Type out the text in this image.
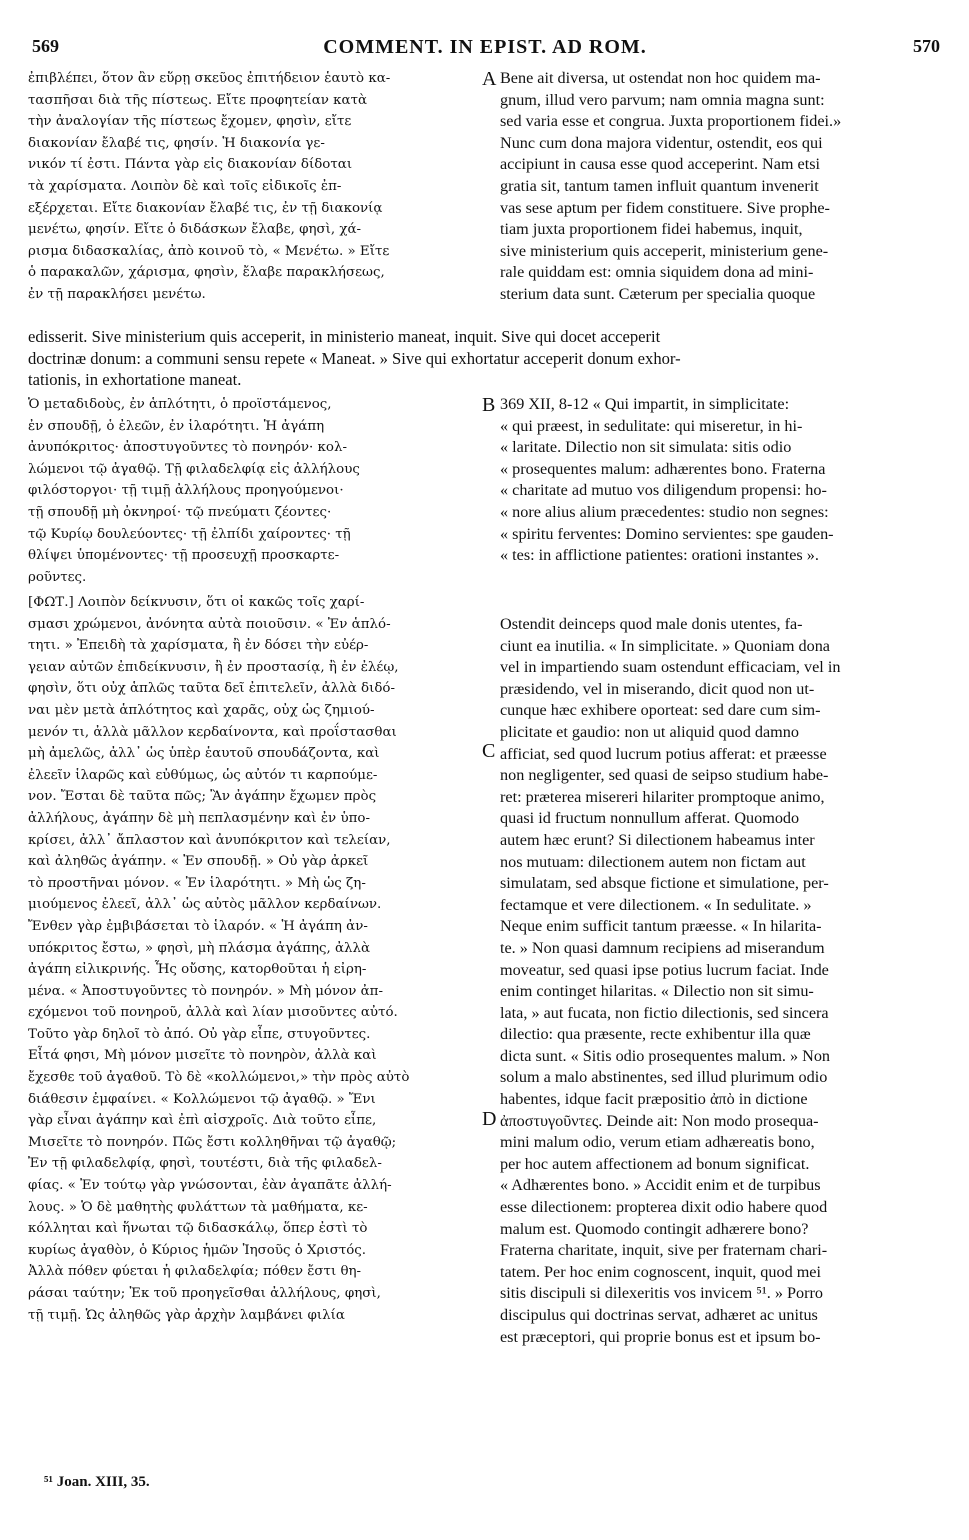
569	COMMENT. IN EPIST. AD ROM.	570
ἐπιβλέπει, ὅτον ἂν εὕρῃ σκεῦος ἐπιτήδειον ἑαυτὸ κα-
τασπῆσαι διὰ τῆς πίστεως. Εἴτε προφητείαν κατὰ
τὴν ἀναλογίαν τῆς πίστεως ἔχομεν, φησὶν, εἴτε
διακονίαν ἔλαβέ τις, φησίν. Ἡ διακονία γε-
νικόν τί ἐστι. Πάντα γὰρ εἰς διακονίαν δίδοται
τὰ χαρίσματα. Λοιπὸν δὲ καὶ τοῖς εἰδικοῖς ἐπ-
εξέρχεται. Εἴτε διακονίαν ἔλαβέ τις, ἐν τῇ διακονίᾳ
μενέτω, φησίν. Εἴτε ὁ διδάσκων ἔλαβε, φησὶ, χά-
ρισμα διδασκαλίας, ἀπὸ κοινοῦ τὸ, « Μενέτω. » Εἴτε
ὁ παρακαλῶν, χάρισμα, φησὶν, ἔλαβε παρακλήσεως,
ἐν τῇ παρακλήσει μενέτω.
Bene ait diversa, ut ostendat non hoc quidem ma-
gnum, illud vero parvum; nam omnia magna sunt:
sed varia esse et congrua. Juxta proportionem fidei.»
Nunc cum dona majora videntur, ostendit, eos qui
accipiunt in causa esse quod acceperint. Nam etsi
gratia sit, tantum tamen influit quantum invenerit
vas sese aptum per fidem constituere. Sive prophe-
tiam juxta proportionem fidei habemus, inquit,
sive ministerium quis acceperit, ministerium gene-
rale quiddam est: omnia siquidem dona ad mini-
sterium data sunt. Cæterum per specialia quoque
edisserit. Sive ministerium quis acceperit, in ministerio maneat, inquit. Sive qui docet acceperit
doctrinæ donum: a communi sensu repete « Maneat. » Sive qui exhortatur acceperit donum exhor-
tationis, in exhortatione maneat.
Ὁ μεταδιδοὺς, ἐν ἁπλότητι, ὁ προϊστάμενος,
ἐν σπουδῇ, ὁ ἐλεῶν, ἐν ἱλαρότητι. Ἡ ἀγάπη
ἀνυπόκριτος· ἀποστυγοῦντες τὸ πονηρόν· κολ-
λώμενοι τῷ ἀγαθῷ. Τῇ φιλαδελφίᾳ εἰς ἀλλήλους
φιλόστοργοι· τῇ τιμῇ ἀλλήλους προηγούμενοι·
τῇ σπουδῇ μὴ ὀκνηροί· τῷ πνεύματι ζέοντες·
τῷ Κυρίῳ δουλεύοντες· τῇ ἐλπίδι χαίροντες· τῇ
θλίψει ὑπομένοντες· τῇ προσευχῇ προσκαρτε-
ροῦντες.
369 XII, 8-12 « Qui impartit, in simplicitate:
« qui præest, in sedulitate: qui miseretur, in hi-
« laritate. Dilectio non sit simulata: sitis odio
« prosequentes malum: adhærentes bono. Fraterna
« charitate ad mutuo vos diligendum propensi: ho-
« nore alius alium præcedentes: studio non segnes:
« spiritu ferventes: Domino servientes: spe gauden-
« tes: in afflictione patientes: orationi instantes ».
[ΦΩΤ.] Λοιπὸν δείκνυσιν, ὅτι οἱ κακῶς τοῖς χαρί-
σμασι χρώμενοι, ἀνόνητα αὐτὰ ποιοῦσιν. « Ἐν ἁπλό-
τητι. » Ἐπειδὴ τὰ χαρίσματα, ἢ ἐν δόσει τὴν εὐέρ-
γειαν αὐτῶν ἐπιδείκνυσιν, ἢ ἐν προστασίᾳ, ἢ ἐν ἐλέῳ,
φησὶν, ὅτι οὐχ ἁπλῶς ταῦτα δεῖ ἐπιτελεῖν, ἀλλὰ διδό-
ναι μὲν μετὰ ἁπλότητος καὶ χαρᾶς, οὐχ ὡς ζημιού-
μενόν τι, ἀλλὰ μᾶλλον κερδαίνοντα, καὶ προΐστασθαι
μὴ ἀμελῶς, ἀλλ᾽ ὡς ὑπὲρ ἑαυτοῦ σπουδάζοντα, καὶ
ἐλεεῖν ἱλαρῶς καὶ εὐθύμως, ὡς αὐτόν τι καρπούμε-
νον. Ἔσται δὲ ταῦτα πῶς; Ἂν ἀγάπην ἔχωμεν πρὸς
ἀλλήλους, ἀγάπην δὲ μὴ πεπλασμένην καὶ ἐν ὑπο-
κρίσει, ἀλλ᾽ ἄπλαστον καὶ ἀνυπόκριτον καὶ τελείαν,
καὶ ἀληθῶς ἀγάπην. « Ἐν σπουδῇ. » Οὐ γὰρ ἀρκεῖ
τὸ προστῆναι μόνον. « Ἐν ἱλαρότητι. » Μὴ ὡς ζη-
μιούμενος ἐλεεῖ, ἀλλ᾽ ὡς αὐτὸς μᾶλλον κερδαίνων.
Ἔνθεν γὰρ ἐμβιβάσεται τὸ ἱλαρόν. « Ἡ ἀγάπη ἀν-
υπόκριτος ἔστω, » φησὶ, μὴ πλάσμα ἀγάπης, ἀλλὰ
ἀγάπη εἰλικρινής. Ἧς οὔσης, κατορθοῦται ἡ εἰρη-
μένα. « Ἀποστυγοῦντες τὸ πονηρόν. » Μὴ μόνον ἀπ-
εχόμενοι τοῦ πονηροῦ, ἀλλὰ καὶ λίαν μισοῦντες αὐτό.
Τοῦτο γὰρ δηλοῖ τὸ ἀπό. Οὐ γὰρ εἶπε, στυγοῦντες.
Εἶτά φησι, Μὴ μόνον μισεῖτε τὸ πονηρὸν, ἀλλὰ καὶ
ἔχεσθε τοῦ ἀγαθοῦ. Τὸ δὲ «κολλώμενοι,» τὴν πρὸς αὐτὸ
διάθεσιν ἐμφαίνει. « Κολλώμενοι τῷ ἀγαθῷ. » Ἔνι
γὰρ εἶναι ἀγάπην καὶ ἐπὶ αἰσχροῖς. Διὰ τοῦτο εἶπε,
Μισεῖτε τὸ πονηρόν. Πῶς ἔστι κολληθῆναι τῷ ἀγαθῷ;
Ἐν τῇ φιλαδελφίᾳ, φησὶ, τουτέστι, διὰ τῆς φιλαδελ-
φίας. « Ἐν τούτῳ γὰρ γνώσονται, ἐὰν ἀγαπᾶτε ἀλλή-
λους. » Ὁ δὲ μαθητὴς φυλάττων τὰ μαθήματα, κε-
κόλληται καὶ ἥνωται τῷ διδασκάλῳ, ὅπερ ἐστὶ τὸ
κυρίως ἀγαθὸν, ὁ Κύριος ἡμῶν Ἰησοῦς ὁ Χριστός.
Ἀλλὰ πόθεν φύεται ἡ φιλαδελφία; πόθεν ἔστι θη-
ράσαι ταύτην; Ἐκ τοῦ προηγεῖσθαι ἀλλήλους, φησὶ,
τῇ τιμῇ. Ὡς ἀληθῶς γὰρ ἀρχὴν λαμβάνει φιλία
Ostendit deinceps quod male donis utentes, fa-
ciunt ea inutilia. « In simplicitate. » Quoniam dona
vel in impartiendo suam ostendunt efficaciam, vel in
præsidendo, vel in miserando, dicit quod non ut-
cunque hæc exhibere oporteat: sed dare cum sim-
plicitate et gaudio: non ut aliquid quod damno
afficiat, sed quod lucrum potius afferat: et præesse
non negligenter, sed quasi de seipso studium habe-
ret: præterea misereri hilariter promptoque animo,
quasi id fructum nonnullum afferat. Quomodo
autem hæc erunt? Si dilectionem habeamus inter
nos mutuam: dilectionem autem non fictam aut
simulatam, sed absque fictione et simulatione, per-
fectamque et vere dilectionem. « In sedulitate. »
Neque enim sufficit tantum præesse. « In hilarita-
te. » Non quasi damnum recipiens ad miserandum
moveatur, sed quasi ipse potius lucrum faciat. Inde
enim continget hilaritas. « Dilectio non sit simu-
lata, » aut fucata, non fictio dilectionis, sed sincera
dilectio: qua præsente, recte exhibentur illa quæ
dicta sunt. « Sitis odio prosequentes malum. » Non
solum a malo abstinentes, sed illud plurimum odio
habentes, idque facit præpositio ἀπὸ in dictione
ἀποστυγοῦντες. Deinde ait: Non modo prosequa-
mini malum odio, verum etiam adhæreatis bono,
per hoc autem affectionem ad bonum significat.
« Adhærentes bono. » Accidit enim et de turpibus
esse dilectionem: propterea dixit odio habere quod
malum est. Quomodo contingit adhærere bono?
Fraterna charitate, inquit, sive per fraternam chari-
tatem. Per hoc enim cognoscent, inquit, quod mei
sitis discipuli si dilexeritis vos invicem ⁵¹. » Porro
discipulus qui doctrinas servat, adhæret ac unitus
est præceptori, qui proprie bonus est et ipsum bo-
A
B
C
D
⁵¹ Joan. XIII, 35.
